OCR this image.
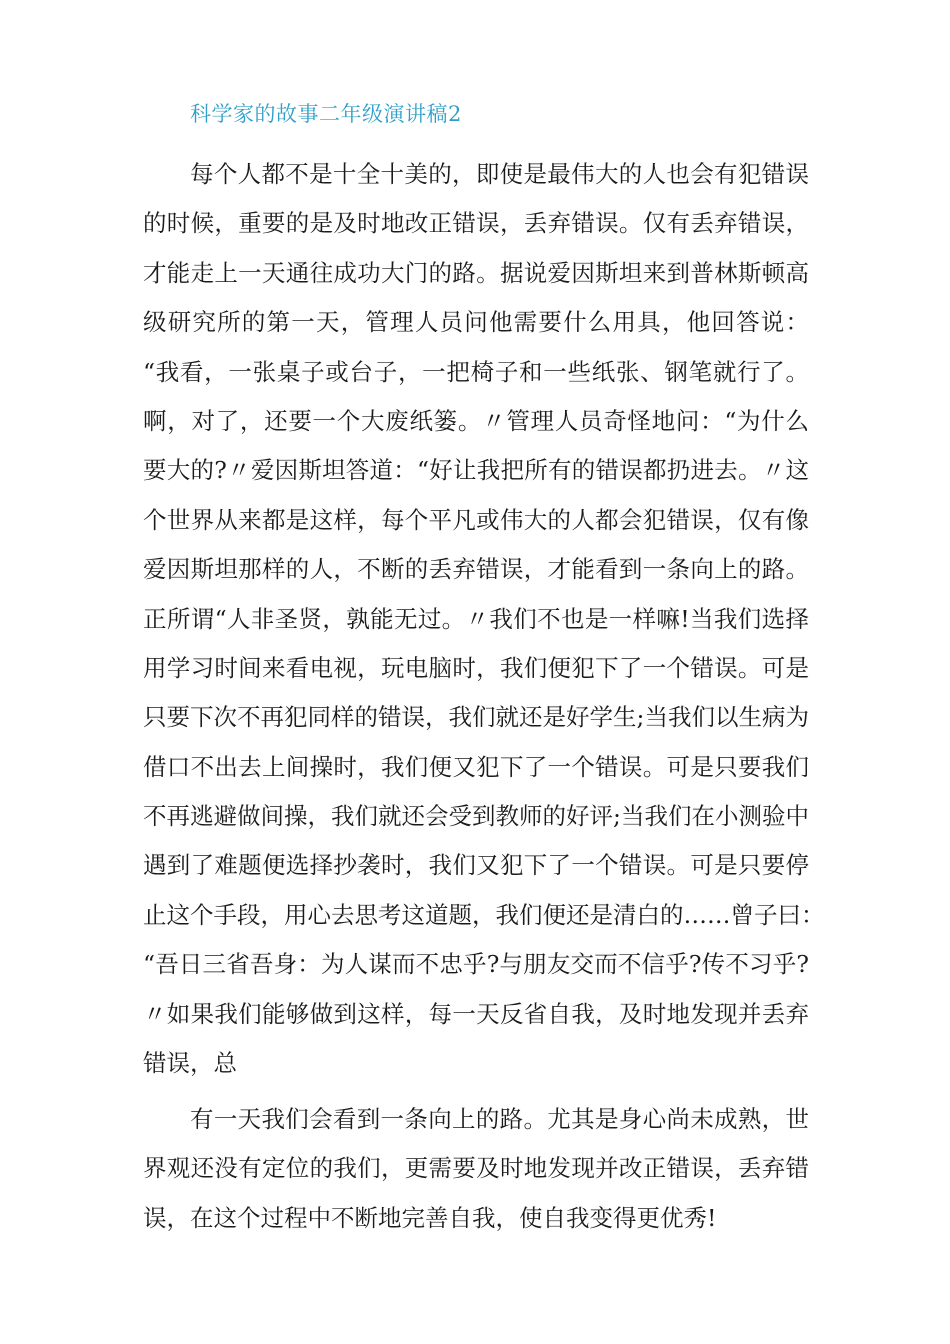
科学家的故事二年级演讲稿2
每个人都不是十全十美的，即使是最伟大的人也会有犯错误
的时候，重要的是及时地改正错误，丢弃错误。仅有丢弃错误，
才能走上一天通往成功大门的路。据说爱因斯坦来到普林斯顿高
级研究所的第一天，管理人员问他需要什么用具，他回答说：
“我看，一张桌子或台子，一把椅子和一些纸张、钢笔就行了。
啊，对了，还要一个大废纸篓。〃管理人员奇怪地问：“为什么
要大的?〃爱因斯坦答道：“好让我把所有的错误都扔进去。〃这
个世界从来都是这样，每个平凡或伟大的人都会犯错误，仅有像
爱因斯坦那样的人，不断的丢弃错误，才能看到一条向上的路。
正所谓“人非圣贤，孰能无过。〃我们不也是一样嘛!当我们选择
用学习时间来看电视，玩电脑时，我们便犯下了一个错误。可是
只要下次不再犯同样的错误，我们就还是好学生;当我们以生病为
借口不出去上间操时，我们便又犯下了一个错误。可是只要我们
不再逃避做间操，我们就还会受到教师的好评;当我们在小测验中
遇到了难题便选择抄袭时，我们又犯下了一个错误。可是只要停
止这个手段，用心去思考这道题，我们便还是清白的……曾子曰：
“吾日三省吾身：为人谋而不忠乎?与朋友交而不信乎?传不习乎?
〃如果我们能够做到这样，每一天反省自我，及时地发现并丢弃
错误，总
有一天我们会看到一条向上的路。尤其是身心尚未成熟，世
界观还没有定位的我们，更需要及时地发现并改正错误，丢弃错
误，在这个过程中不断地完善自我，使自我变得更优秀!
